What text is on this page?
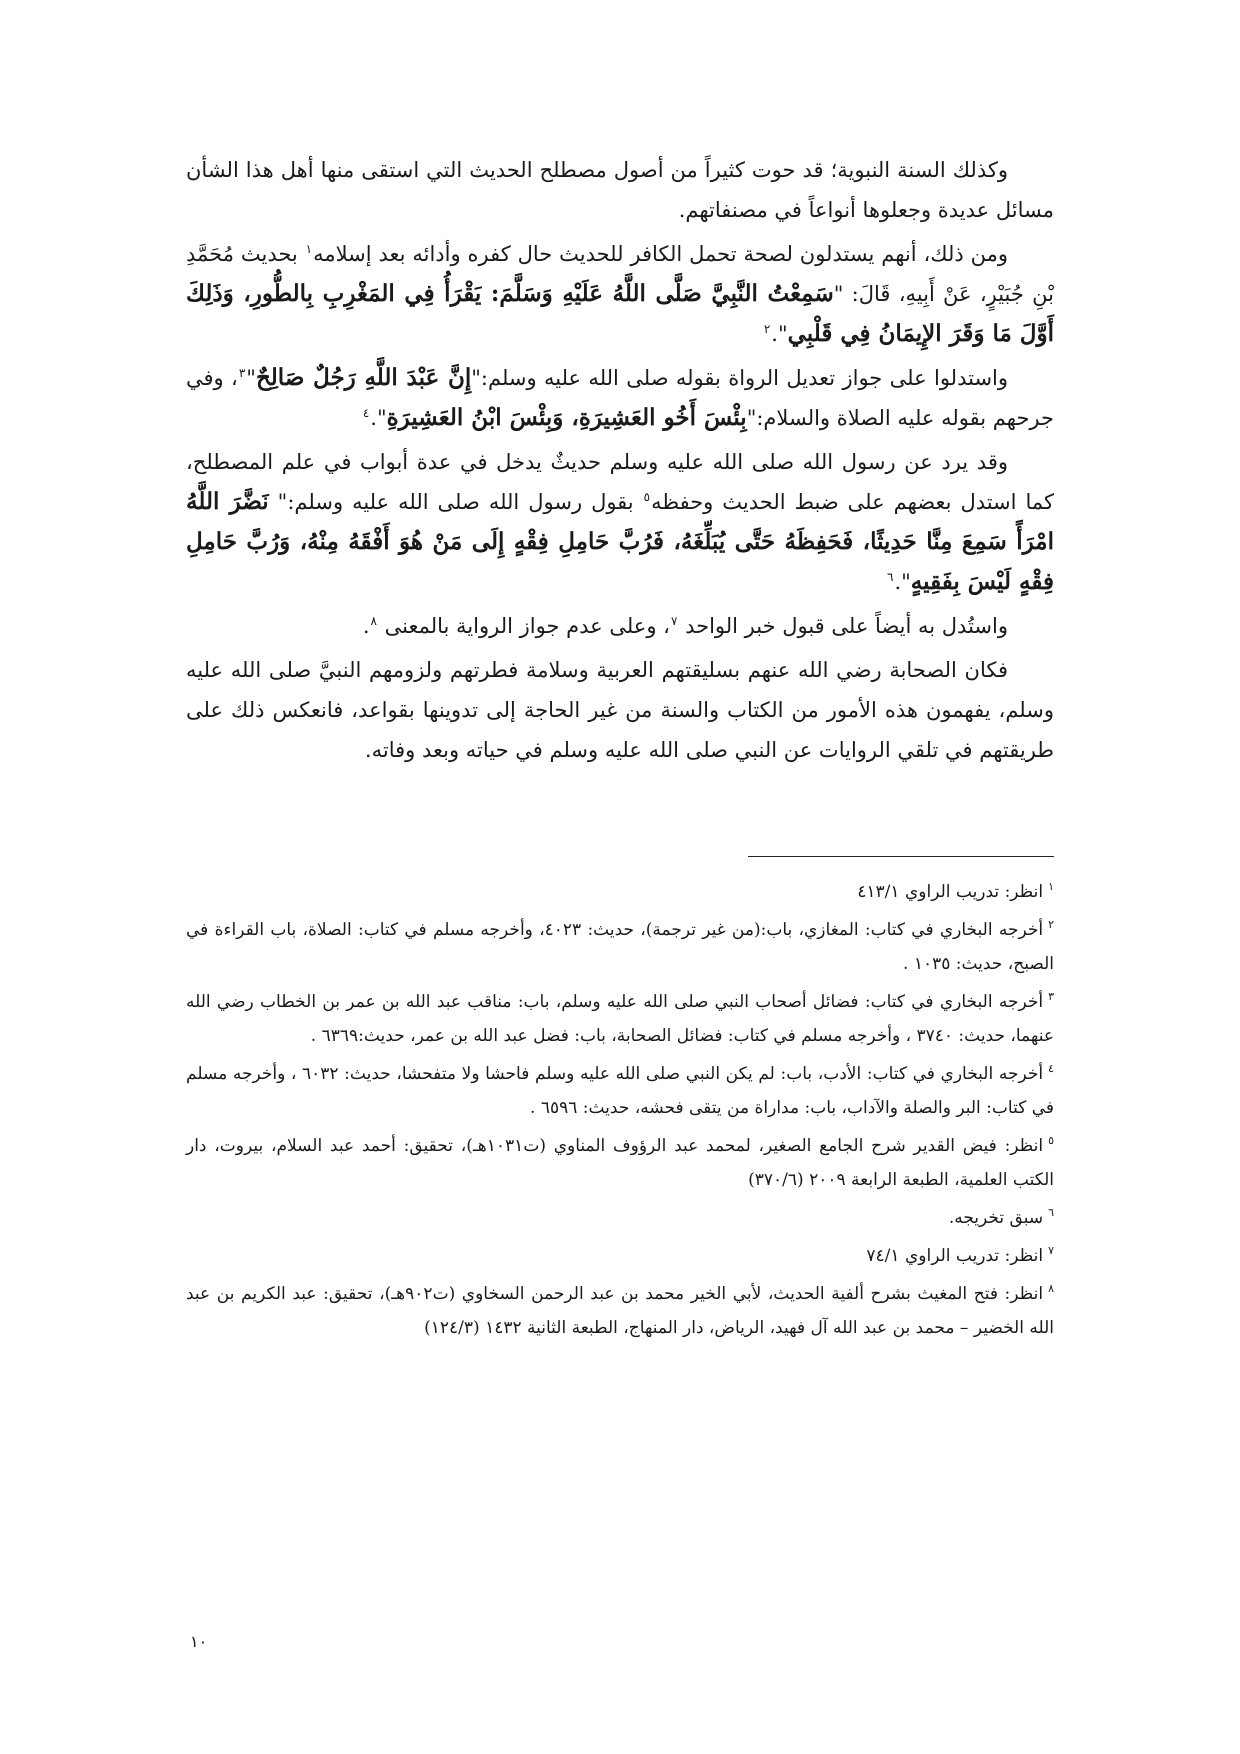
وكذلك السنة النبوية؛ قد حوت كثيراً من أصول مصطلح الحديث التي استقى منها أهل هذا الشأن مسائل عديدة وجعلوها أنواعاً في مصنفاتهم.

ومن ذلك، أنهم يستدلون لصحة تحمل الكافر للحديث حال كفره وأدائه بعد إسلامه$^١$ بحديث مُحَمَّدِ بْنِ جُبَيْرٍ، عَنْ أَبِيهِ، قَالَ: "سَمِعْتُ النَّبِيَّ صَلَّى اللَّهُ عَلَيْهِ وَسَلَّمَ: يَقْرَأُ فِي المَغْرِبِ بِالطُّورِ، وَذَلِكَ أَوَّلَ مَا وَقَرَ الإِيمَانُ فِي قَلْبِي".$^٢$

واستدلوا على جواز تعديل الرواة بقوله صلى الله عليه وسلم:"إِنَّ عَبْدَ اللَّهِ رَجُلٌ صَالِحٌ"$^٣$، وفي جرحهم بقوله عليه الصلاة والسلام:"بِئْسَ أَخُو العَشِيرَةِ، وَبِئْسَ ابْنُ العَشِيرَةِ".$^٤$

وقد يرد عن رسول الله صلى الله عليه وسلم حديثٌ يدخل في عدة أبواب في علم المصطلح، كما استدل بعضهم على ضبط الحديث وحفظه$^٥$ بقول رسول الله صلى الله عليه وسلم:" نَضَّرَ اللَّهُ امْرَأً سَمِعَ مِنَّا حَدِيثًا، فَحَفِظَهُ حَتَّى يُبَلِّغَهُ، فَرُبَّ حَامِلِ فِقْهٍ إِلَى مَنْ هُوَ أَفْقَهُ مِنْهُ، وَرُبَّ حَامِلِ فِقْهٍ لَيْسَ بِفَقِيهٍ".$^٦$

واستُدل به أيضاً على قبول خبر الواحد $^٧$، وعلى عدم جواز الرواية بالمعنى $^٨$.

فكان الصحابة رضي الله عنهم بسليقتهم العربية وسلامة فطرتهم ولزومهم النبيَّ صلى الله عليه وسلم، يفهمون هذه الأمور من الكتاب والسنة من غير الحاجة إلى تدوينها بقواعد، فانعكس ذلك على طريقتهم في تلقي الروايات عن النبي صلى الله عليه وسلم في حياته وبعد وفاته.

$^١$انظر: تدريب الراوي ٤١٣/١

$^٢$أخرجه البخاري في كتاب: المغازي، باب:(من غير ترجمة)، حديث: ٤٠٢٣، وأخرجه مسلم في كتاب: الصلاة، باب القراءة في الصبح، حديث: ١٠٣٥ .

$^٣$أخرجه البخاري في كتاب: فضائل أصحاب النبي صلى الله عليه وسلم، باب: مناقب عبد الله بن عمر بن الخطاب رضي الله عنهما، حديث: ٣٧٤٠ ، وأخرجه مسلم في كتاب: فضائل الصحابة، باب: فضل عبد الله بن عمر، حديث:٦٣٦٩ .

$^٤$أخرجه البخاري في كتاب: الأدب، باب: لم يكن النبي صلى الله عليه وسلم فاحشا ولا متفحشا، حديث: ٦٠٣٢ ، وأخرجه مسلم في كتاب: البر والصلة والآداب، باب: مداراة من يتقى فحشه، حديث: ٦٥٩٦ .

$^٥$انظر: فيض القدير شرح الجامع الصغير، لمحمد عبد الرؤوف المناوي (ت١٠٣١هـ)، تحقيق: أحمد عبد السلام، بيروت، دار الكتب العلمية، الطبعة الرابعة ٢٠٠٩ (٣٧٠/٦)

$^٦$سبق تخريجه.

$^٧$انظر: تدريب الراوي ٧٤/١

$^٨$انظر: فتح المغيث بشرح ألفية الحديث، لأبي الخير محمد بن عبد الرحمن السخاوي (ت٩٠٢هـ)، تحقيق: عبد الكريم بن عبد الله الخضير – محمد بن عبد الله آل فهيد، الرياض، دار المنهاج، الطبعة الثانية ١٤٣٢ (١٢٤/٣)

١٠
